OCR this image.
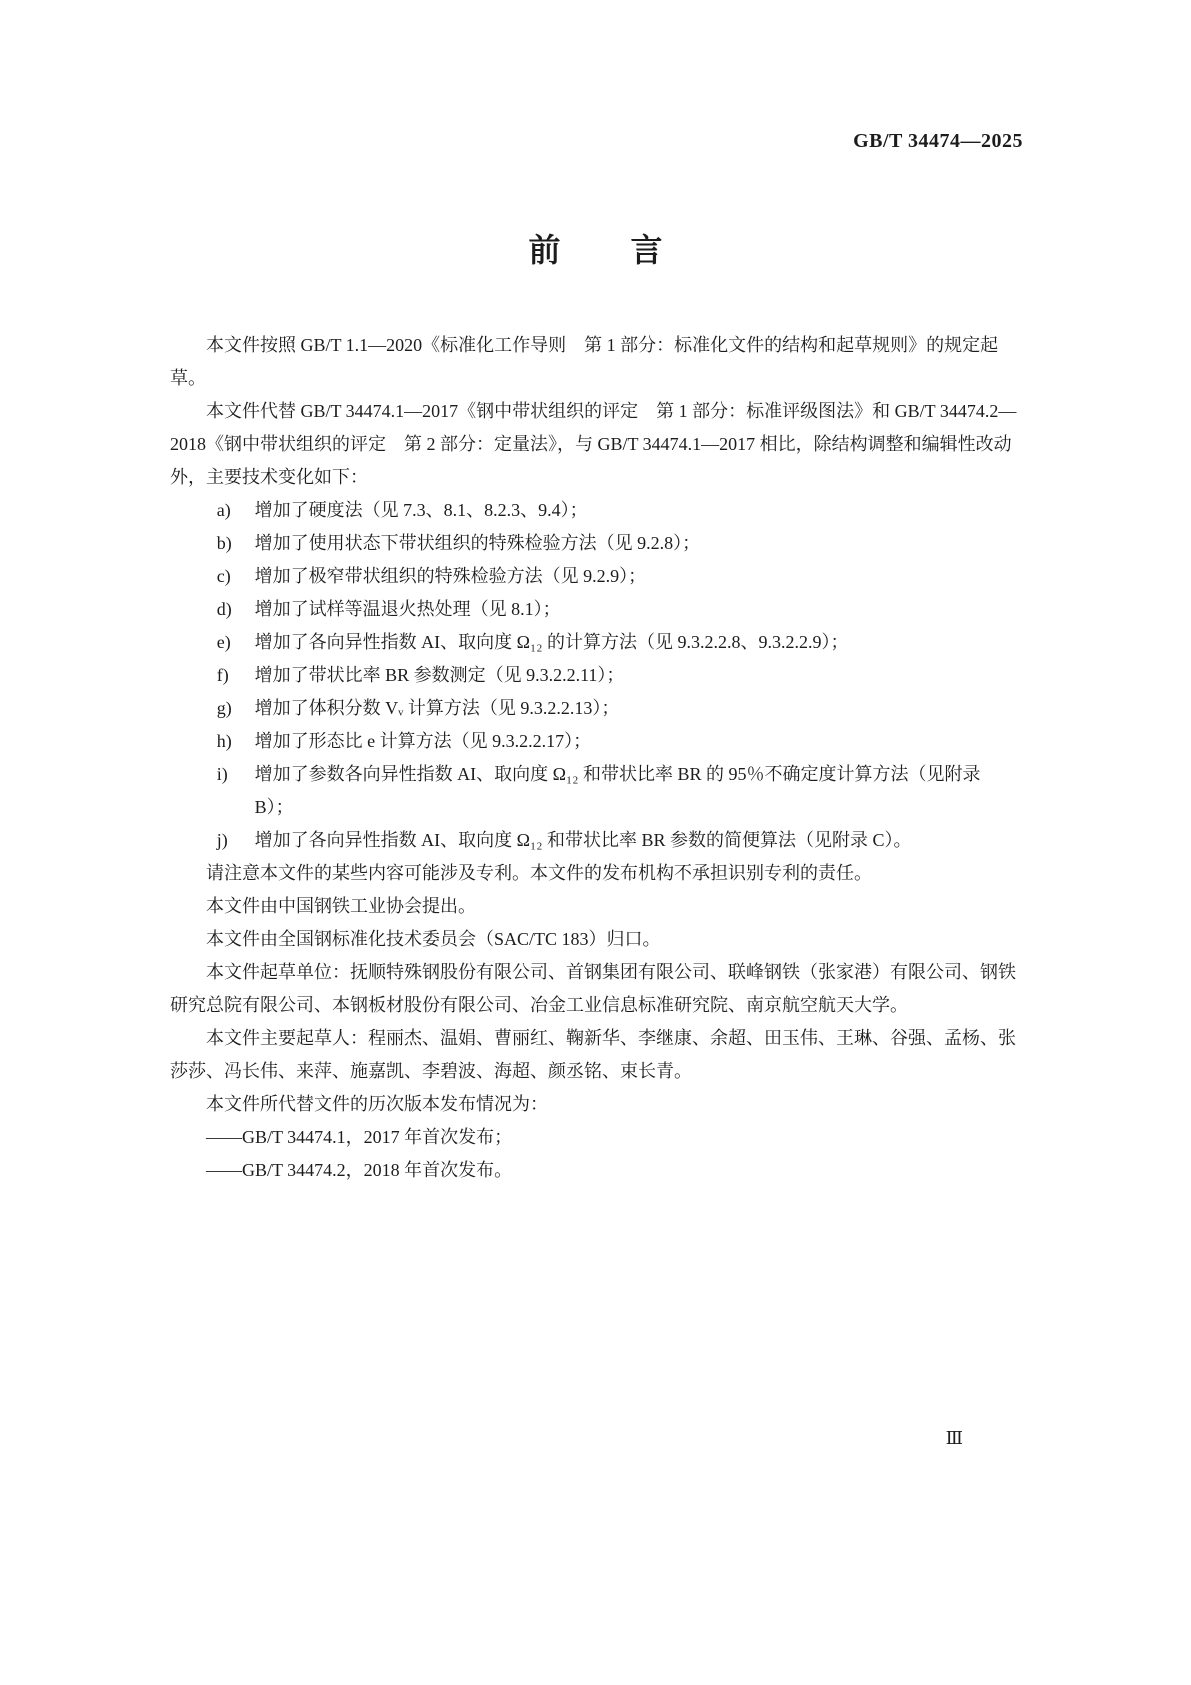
GB/T 34474—2025
前　　言

本文件按照 GB/T 1.1—2020《标准化工作导则　第 1 部分：标准化文件的结构和起草规则》的规定起草。

本文件代替 GB/T 34474.1—2017《钢中带状组织的评定　第 1 部分：标准评级图法》和 GB/T 34474.2—2018《钢中带状组织的评定　第 2 部分：定量法》，与 GB/T 34474.1—2017 相比，除结构调整和编辑性改动外，主要技术变化如下：

a)	增加了硬度法（见 7.3、8.1、8.2.3、9.4）；

b)	增加了使用状态下带状组织的特殊检验方法（见 9.2.8）；

c)	增加了极窄带状组织的特殊检验方法（见 9.2.9）；

d)	增加了试样等温退火热处理（见 8.1）；

e)	增加了各向异性指数 AI、取向度 Ω₁₂ 的计算方法（见 9.3.2.2.8、9.3.2.2.9）；

f)	增加了带状比率 BR 参数测定（见 9.3.2.2.11）；

g)	增加了体积分数 Vᵥ 计算方法（见 9.3.2.2.13）；

h)	增加了形态比 e 计算方法（见 9.3.2.2.17）；

i)	增加了参数各向异性指数 AI、取向度 Ω₁₂ 和带状比率 BR 的 95％不确定度计算方法（见附录 B）；

j)	增加了各向异性指数 AI、取向度 Ω₁₂ 和带状比率 BR 参数的简便算法（见附录 C）。

请注意本文件的某些内容可能涉及专利。本文件的发布机构不承担识别专利的责任。

本文件由中国钢铁工业协会提出。

本文件由全国钢标准化技术委员会（SAC/TC 183）归口。

本文件起草单位：抚顺特殊钢股份有限公司、首钢集团有限公司、联峰钢铁（张家港）有限公司、钢铁研究总院有限公司、本钢板材股份有限公司、冶金工业信息标准研究院、南京航空航天大学。

本文件主要起草人：程丽杰、温娟、曹丽红、鞠新华、李继康、余超、田玉伟、王琳、谷强、孟杨、张莎莎、冯长伟、来萍、施嘉凯、李碧波、海超、颜丞铭、束长青。

本文件所代替文件的历次版本发布情况为：

——GB/T 34474.1，2017 年首次发布；

——GB/T 34474.2，2018 年首次发布。

Ⅲ
